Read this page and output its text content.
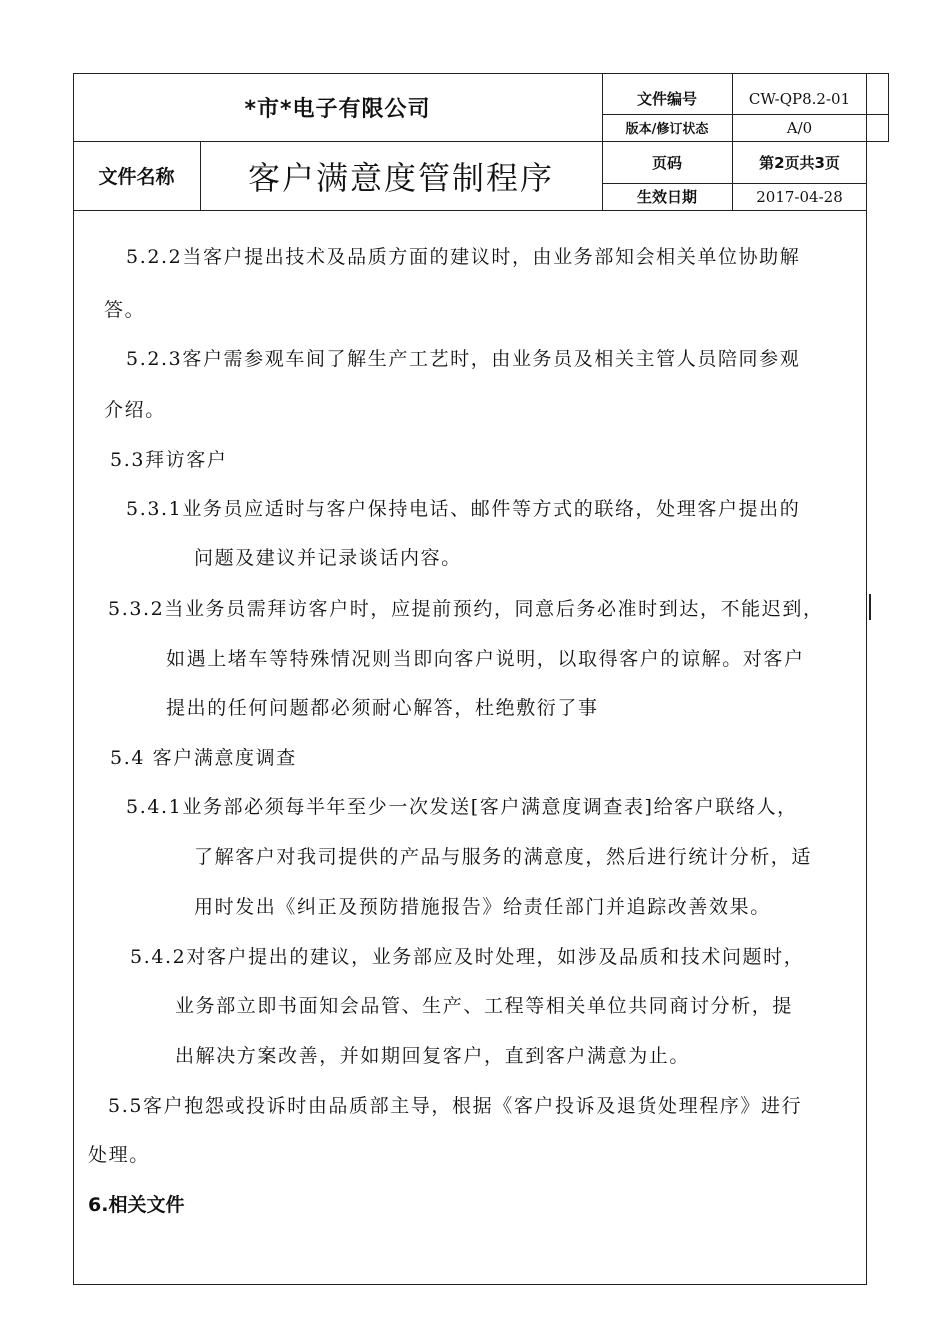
*市*电子有限公司
文件名称	客户满意度管制程序
文件编号	CW-QP8.2-01
版本/修订状态	A/0
页码	第2页共3页
生效日期	2017-04-28
5.2.2当客户提出技术及品质方面的建议时，由业务部知会相关单位协助解
答。
5.2.3客户需参观车间了解生产工艺时，由业务员及相关主管人员陪同参观
介绍。
5.3拜访客户
5.3.1业务员应适时与客户保持电话、邮件等方式的联络，处理客户提出的
问题及建议并记录谈话内容。
5.3.2当业务员需拜访客户时，应提前预约，同意后务必准时到达，不能迟到，
如遇上堵车等特殊情况则当即向客户说明，以取得客户的谅解。对客户
提出的任何问题都必须耐心解答，杜绝敷衍了事
5.4 客户满意度调查
5.4.1业务部必须每半年至少一次发送[客户满意度调查表]给客户联络人，
了解客户对我司提供的产品与服务的满意度，然后进行统计分析，适
用时发出《纠正及预防措施报告》给责任部门并追踪改善效果。
5.4.2对客户提出的建议，业务部应及时处理，如涉及品质和技术问题时，
业务部立即书面知会品管、生产、工程等相关单位共同商讨分析，提
出解决方案改善，并如期回复客户，直到客户满意为止。
5.5客户抱怨或投诉时由品质部主导，根据《客户投诉及退货处理程序》进行
处理。
6.相关文件
